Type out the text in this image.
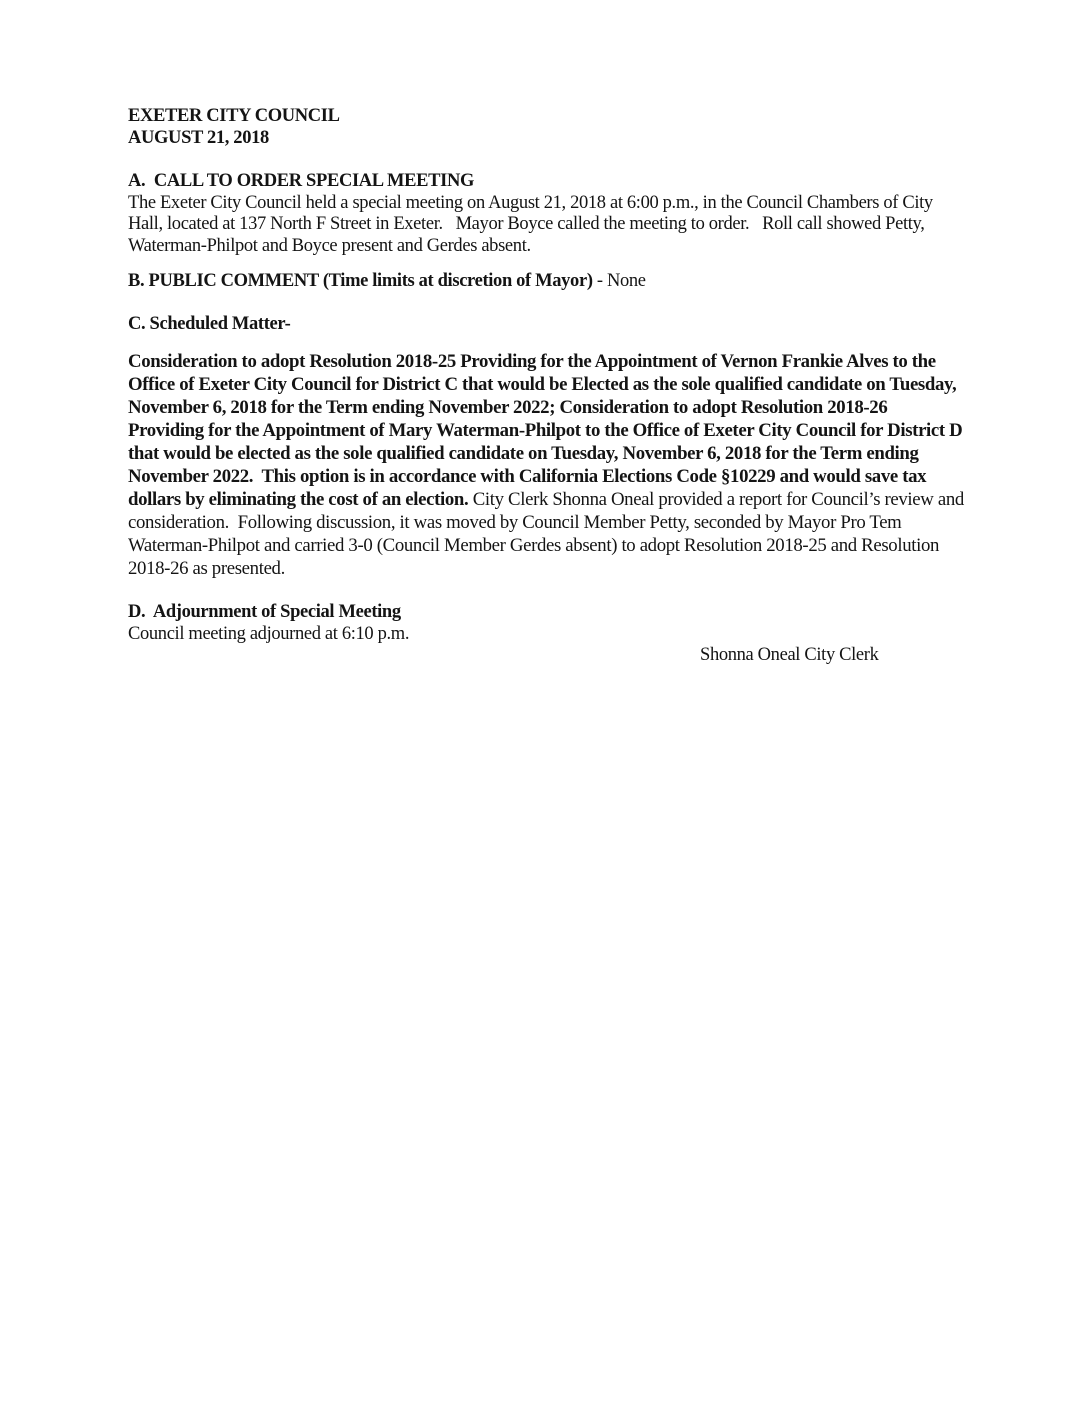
EXETER CITY COUNCIL
AUGUST 21, 2018
A.  CALL TO ORDER SPECIAL MEETING
The Exeter City Council held a special meeting on August 21, 2018 at 6:00 p.m., in the Council Chambers of City Hall, located at 137 North F Street in Exeter.   Mayor Boyce called the meeting to order.   Roll call showed Petty, Waterman-Philpot and Boyce present and Gerdes absent.
B. PUBLIC COMMENT (Time limits at discretion of Mayor) - None
C. Scheduled Matter-
Consideration to adopt Resolution 2018-25 Providing for the Appointment of Vernon Frankie Alves to the Office of Exeter City Council for District C that would be Elected as the sole qualified candidate on Tuesday, November 6, 2018 for the Term ending November 2022; Consideration to adopt Resolution 2018-26 Providing for the Appointment of Mary Waterman-Philpot to the Office of Exeter City Council for District D that would be elected as the sole qualified candidate on Tuesday, November 6, 2018 for the Term ending November 2022.  This option is in accordance with California Elections Code §10229 and would save tax dollars by eliminating the cost of an election. City Clerk Shonna Oneal provided a report for Council’s review and consideration.  Following discussion, it was moved by Council Member Petty, seconded by Mayor Pro Tem Waterman-Philpot and carried 3-0 (Council Member Gerdes absent) to adopt Resolution 2018-25 and Resolution 2018-26 as presented.
D.  Adjournment of Special Meeting
Council meeting adjourned at 6:10 p.m.
Shonna Oneal City Clerk
